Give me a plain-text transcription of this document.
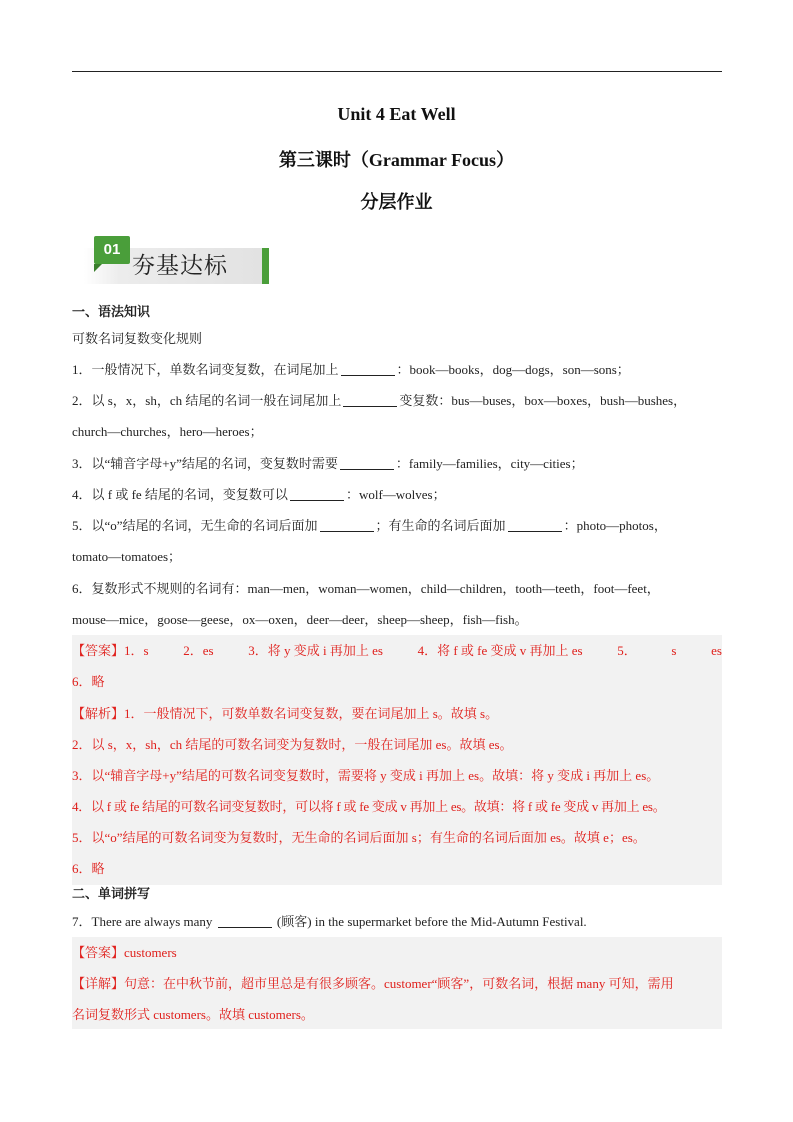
Unit 4 Eat Well
第三课时（Grammar Focus）
分层作业
夯基达标
01
一、语法知识
可数名词复数变化规则
1．一般情况下，单数名词变复数，在词尾加上	：book—books，dog—dogs，son—sons；
2．以 s，x，sh，ch 结尾的名词一般在词尾加上	变复数：bus—buses，box—boxes，bush—bushes，
church—churches，hero—heroes；
3．以“辅音字母+y”结尾的名词，变复数时需要	：family—families，city—cities；
4．以 f 或 fe 结尾的名词，变复数可以	：wolf—wolves；
5．以“o”结尾的名词，无生命的名词后面加	；有生命的名词后面加	：photo—photos，
tomato—tomatoes；
6．复数形式不规则的名词有：man—men，woman—women，child—children，tooth—teeth，foot—feet，
mouse—mice，goose—geese，ox—oxen，deer—deer，sheep—sheep，fish—fish。
【答案】1．s	2．es	3．将 y 变成 i 再加上 es	4．将 f 或 fe 变成 v 再加上 es	5．	s	es
6．略
【解析】1．一般情况下，可数单数名词变复数，要在词尾加上 s。故填 s。
2．以 s，x，sh，ch 结尾的可数名词变为复数时，一般在词尾加 es。故填 es。
3．以“辅音字母+y”结尾的可数名词变复数时，需要将 y 变成 i 再加上 es。故填：将 y 变成 i 再加上 es。
4．以 f 或 fe 结尾的可数名词变复数时，可以将 f 或 fe 变成 v 再加上 es。故填：将 f 或 fe 变成 v 再加上 es。
5．以“o”结尾的可数名词变为复数时，无生命的名词后面加 s；有生命的名词后面加 es。故填 e；es。
6．略
二、单词拼写
7．There are always many	(顾客) in the supermarket before the Mid-Autumn Festival.
【答案】customers
【详解】句意：在中秋节前，超市里总是有很多顾客。customer“顾客”，可数名词，根据 many 可知，需用
名词复数形式 customers。故填 customers。
